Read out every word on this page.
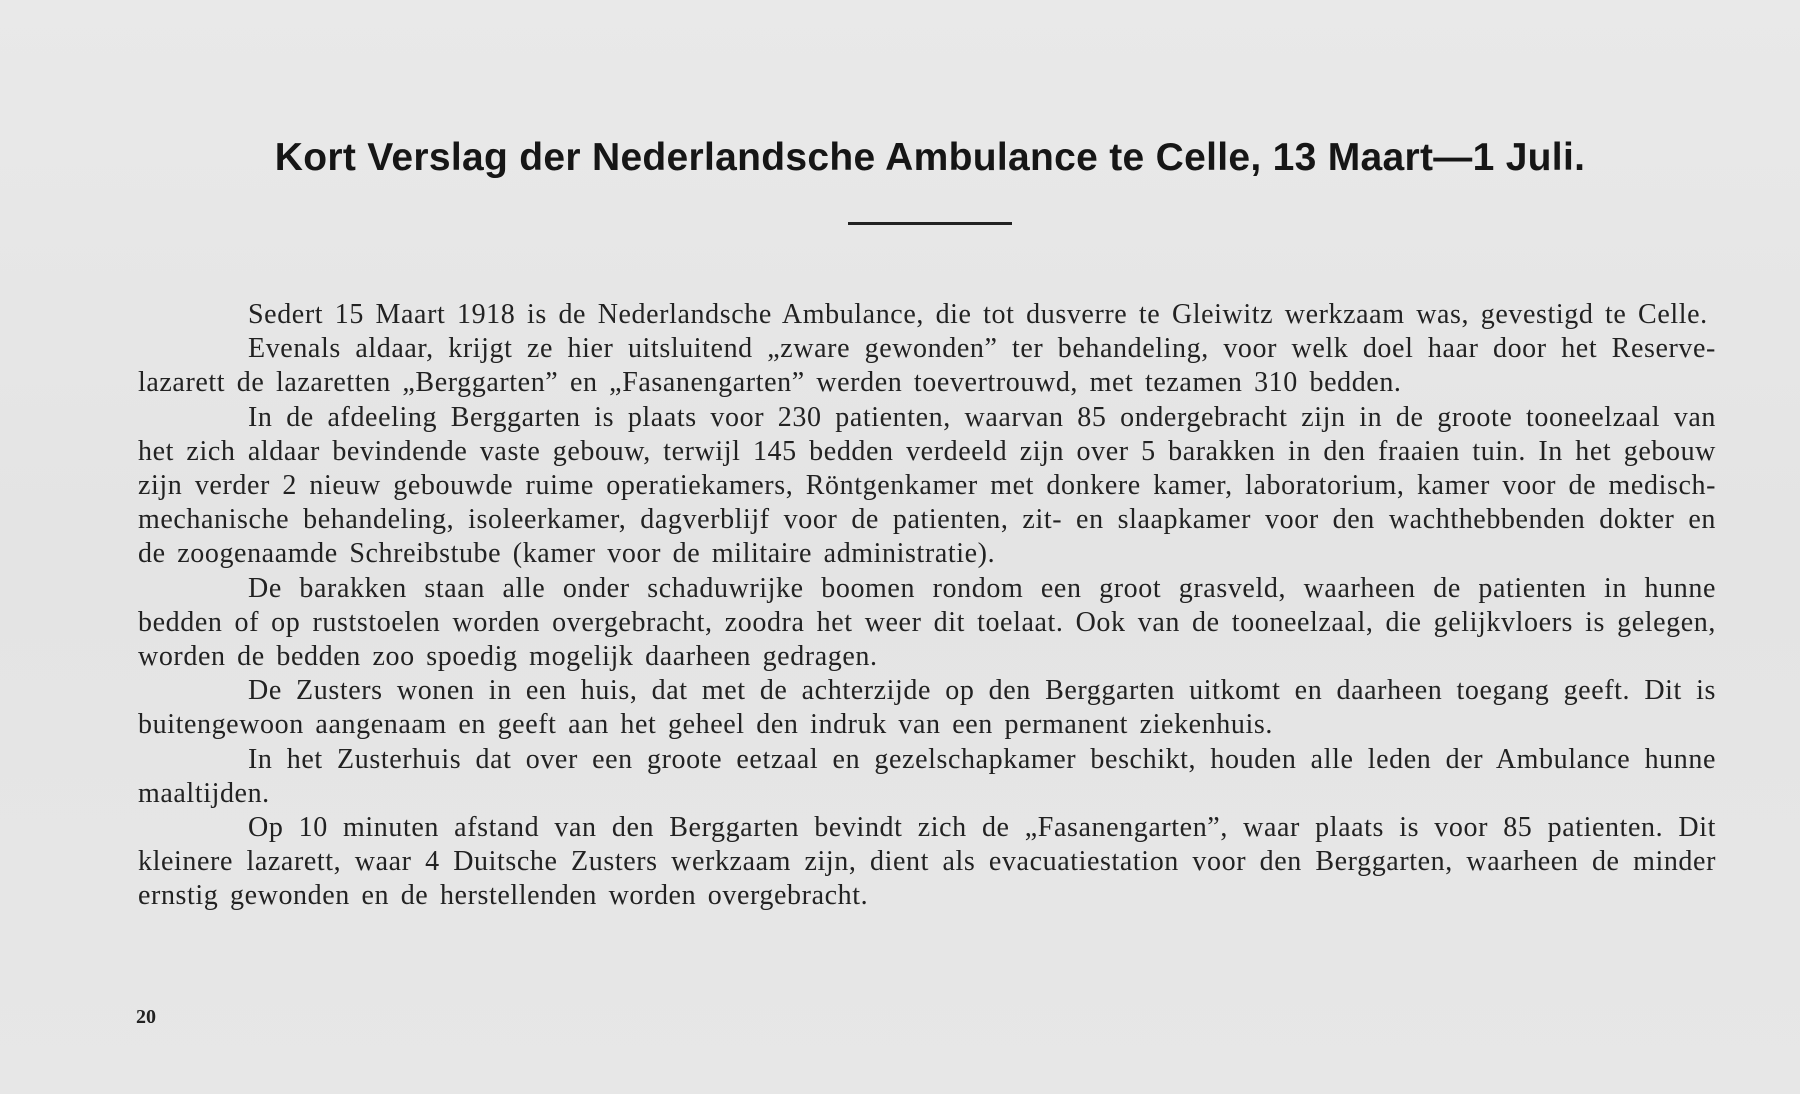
Kort Verslag der Nederlandsche Ambulance te Celle, 13 Maart—1 Juli.

Sedert 15 Maart 1918 is de Nederlandsche Ambulance, die tot dusverre te Gleiwitz werkzaam was, gevestigd te Celle.

Evenals aldaar, krijgt ze hier uitsluitend „zware gewonden” ter behandeling, voor welk doel haar door het Reserve-lazarett de lazaretten „Berggarten” en „Fasanengarten” werden toevertrouwd, met tezamen 310 bedden.

In de afdeeling Berggarten is plaats voor 230 patienten, waarvan 85 ondergebracht zijn in de groote tooneelzaal van het zich aldaar bevindende vaste gebouw, terwijl 145 bedden verdeeld zijn over 5 barakken in den fraaien tuin. In het gebouw zijn verder 2 nieuw gebouwde ruime operatiekamers, Röntgenkamer met donkere kamer, laboratorium, kamer voor de medisch-mechanische behandeling, isoleerkamer, dagverblijf voor de patienten, zit- en slaapkamer voor den wachthebbenden dokter en de zoogenaamde Schreibstube (kamer voor de militaire administratie).

De barakken staan alle onder schaduwrijke boomen rondom een groot grasveld, waarheen de patienten in hunne bedden of op ruststoelen worden overgebracht, zoodra het weer dit toelaat. Ook van de tooneelzaal, die gelijkvloers is gelegen, worden de bedden zoo spoedig mogelijk daarheen gedragen.

De Zusters wonen in een huis, dat met de achterzijde op den Berggarten uitkomt en daarheen toegang geeft. Dit is buitengewoon aangenaam en geeft aan het geheel den indruk van een permanent ziekenhuis.

In het Zusterhuis dat over een groote eetzaal en gezelschapkamer beschikt, houden alle leden der Ambulance hunne maaltijden.

Op 10 minuten afstand van den Berggarten bevindt zich de „Fasanengarten”, waar plaats is voor 85 patienten. Dit kleinere lazarett, waar 4 Duitsche Zusters werkzaam zijn, dient als evacuatiestation voor den Berggarten, waarheen de minder ernstig gewonden en de herstellenden worden overgebracht.

20
